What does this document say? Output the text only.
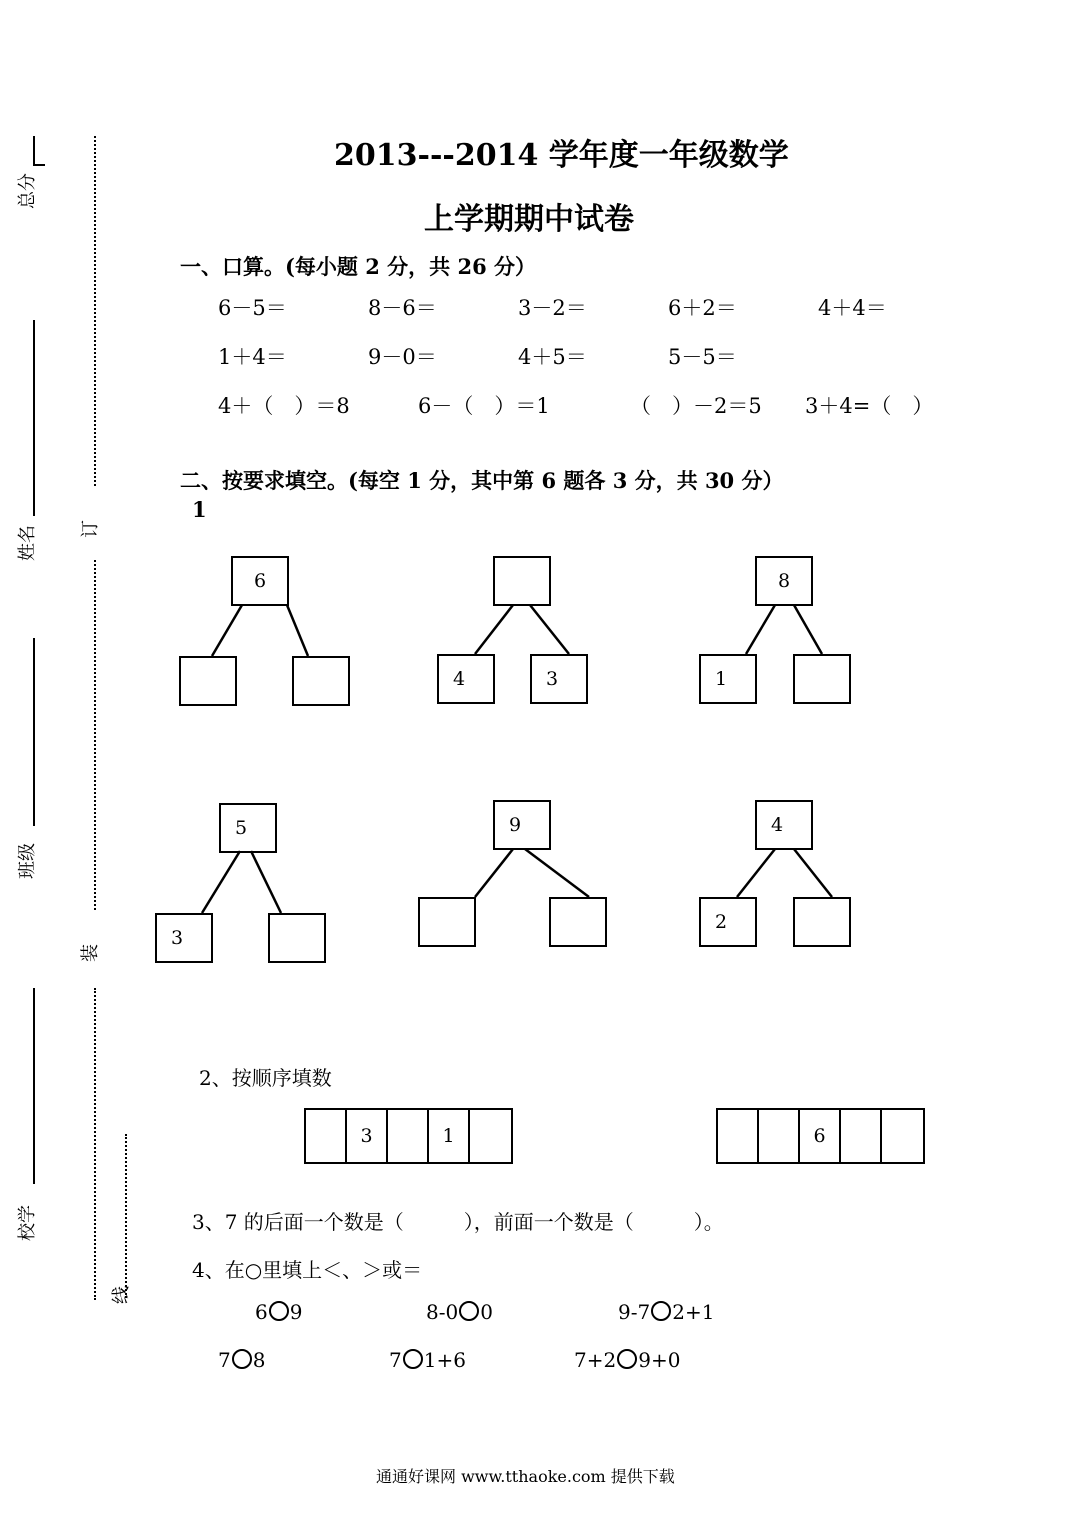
总分
姓名
班级
校学
订
装
线
2013---2014 学年度一年级数学
上学期期中试卷
一、口算。(每小题 2 分，共 26 分）
6－5＝	8－6＝	3－2＝	6＋2＝	4＋4＝
1＋4＝	9－0＝	4＋5＝	5－5＝
4＋（　）＝8	6－（　）＝1	（　）－2＝5 3＋4=（　）
二、按要求填空。(每空 1 分，其中第 6 题各 3 分，共 30 分）
1
6
4	3
8
1
5
3
9	4
2
2、按顺序填数
3	1	6
3、7 的后面一个数是（　　　），前面一个数是（　　　）。
4、在○里填上＜、＞或＝
6 9	8-0 0	9-7 2+1
7 8	7 1+6	7+2 9+0
通通好课网 www.tthaoke.com 提供下载
